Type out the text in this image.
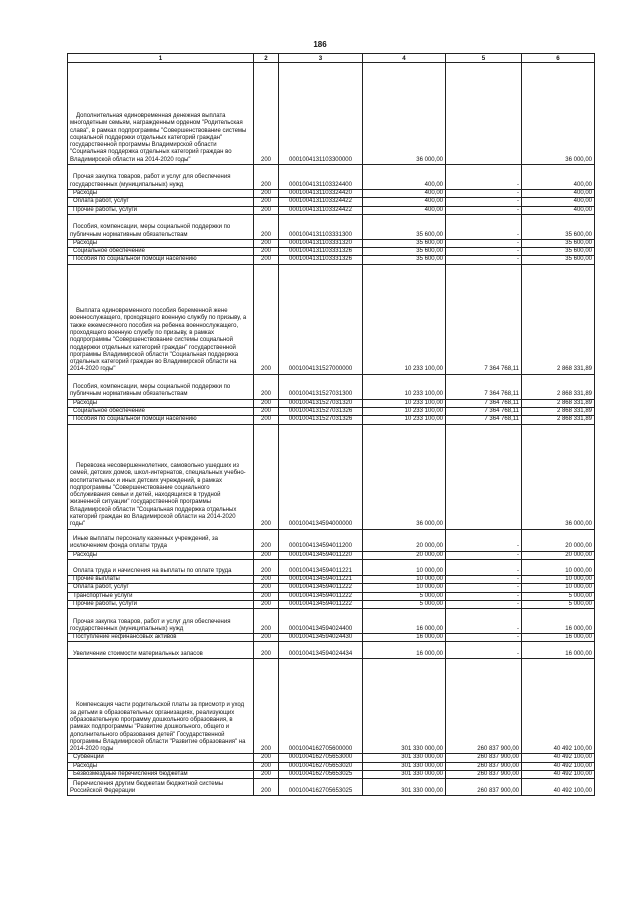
186
1	2	3	4	5	6
Дополнительная единовременная денежная выплата многодетным семьям, награжденным орденом "Родительская слава", в рамках подпрограммы "Совершенствование системы социальной поддержки отдельных категорий граждан" государственной программы Владимирской области "Социальная поддержка отдельных категорий граждан во Владимирской области на 2014-2020 годы"	200	0001004131103300000	36 000,00		36 000,00
Прочая закупка товаров, работ и услуг для обеспечения государственных (муниципальных) нужд	200	0001004131103324400	400,00	-	400,00
Расходы	200	0001004131103324420	400,00	-	400,00
Оплата работ, услуг	200	0001004131103324422	400,00	-	400,00
Прочие работы, услуги	200	0001004131103324422	400,00	-	400,00
Пособия, компенсации, меры социальной поддержки по публичным нормативным обязательствам	200	0001004131103331300	35 600,00	-	35 600,00
Расходы	200	0001004131103331320	35 600,00	-	35 600,00
Социальное обеспечение	200	0001004131103331326	35 600,00	-	35 600,00
Пособия по социальной помощи населению	200	0001004131103331326	35 600,00	-	35 600,00
Выплата единовременного пособия беременной жене военнослужащего, проходящего военную службу по призыву, а также ежемесячного пособия на ребенка военнослужащего, проходящего военную службу по призыву, в рамках подпрограммы "Совершенствование системы социальной поддержки отдельных категорий граждан" государственной программы Владимирской области "Социальная поддержка отдельных категорий граждан во Владимирской области на 2014-2020 годы"	200	0001004131527000000	10 233 100,00	7 364 768,11	2 868 331,89
Пособия, компенсации, меры социальной поддержки по публичным нормативным обязательствам	200	0001004131527031300	10 233 100,00	7 364 768,11	2 868 331,89
Расходы	200	0001004131527031320	10 233 100,00	7 364 768,11	2 868 331,89
Социальное обеспечение	200	0001004131527031326	10 233 100,00	7 364 768,11	2 868 331,89
Пособия по социальной помощи населению	200	0001004131527031326	10 233 100,00	7 364 768,11	2 868 331,89
Перевозка несовершеннолетних, самовольно ушедших из семей, детских домов, школ-интернатов, специальных учебно-воспитательных и иных детских учреждений, в рамках подпрограммы "Совершенствование социального обслуживания семьи и детей, находящихся в трудной жизненной ситуации" государственной программы Владимирской области "Социальная поддержка отдельных категорий граждан во Владимирской области на 2014-2020 годы"	200	0001004134594000000	36 000,00		36 000,00
Иные выплаты персоналу казенных учреждений, за исключением фонда оплаты труда	200	0001004134594011200	20 000,00	-	20 000,00
Расходы	200	0001004134594011220	20 000,00	-	20 000,00
Оплата труда и начисления на выплаты по оплате труда	200	0001004134594011221	10 000,00	-	10 000,00
Прочие выплаты	200	0001004134594011221	10 000,00	-	10 000,00
Оплата работ, услуг	200	0001004134594011222	10 000,00	-	10 000,00
Транспортные услуги	200	0001004134594011222	5 000,00	-	5 000,00
Прочие работы, услуги	200	0001004134594011222	5 000,00	-	5 000,00
Прочая закупка товаров, работ и услуг для обеспечения государственных (муниципальных) нужд	200	0001004134594024400	16 000,00	-	16 000,00
Поступление нефинансовых активов	200	0001004134594024430	16 000,00	-	16 000,00
Увеличение стоимости материальных запасов	200	0001004134594024434	16 000,00	-	16 000,00
Компенсация части родительской платы за присмотр и уход за детьми в образовательных организациях, реализующих образовательную программу дошкольного образования, в рамках подпрограммы "Развитие дошкольного, общего и дополнительного образования детей" Государственной программы Владимирской области "Развитие образования" на 2014-2020 годы	200	0001004162705600000	301 330 000,00	260 837 900,00	40 492 100,00
Субвенции	200	0001004162705653000	301 330 000,00	260 837 900,00	40 492 100,00
Расходы	200	0001004162705653020	301 330 000,00	260 837 900,00	40 492 100,00
Безвозмездные перечисления бюджетам	200	0001004162705653025	301 330 000,00	260 837 900,00	40 492 100,00
Перечисления другим бюджетам бюджетной системы Российской Федерации	200	0001004162705653025	301 330 000,00	260 837 900,00	40 492 100,00
